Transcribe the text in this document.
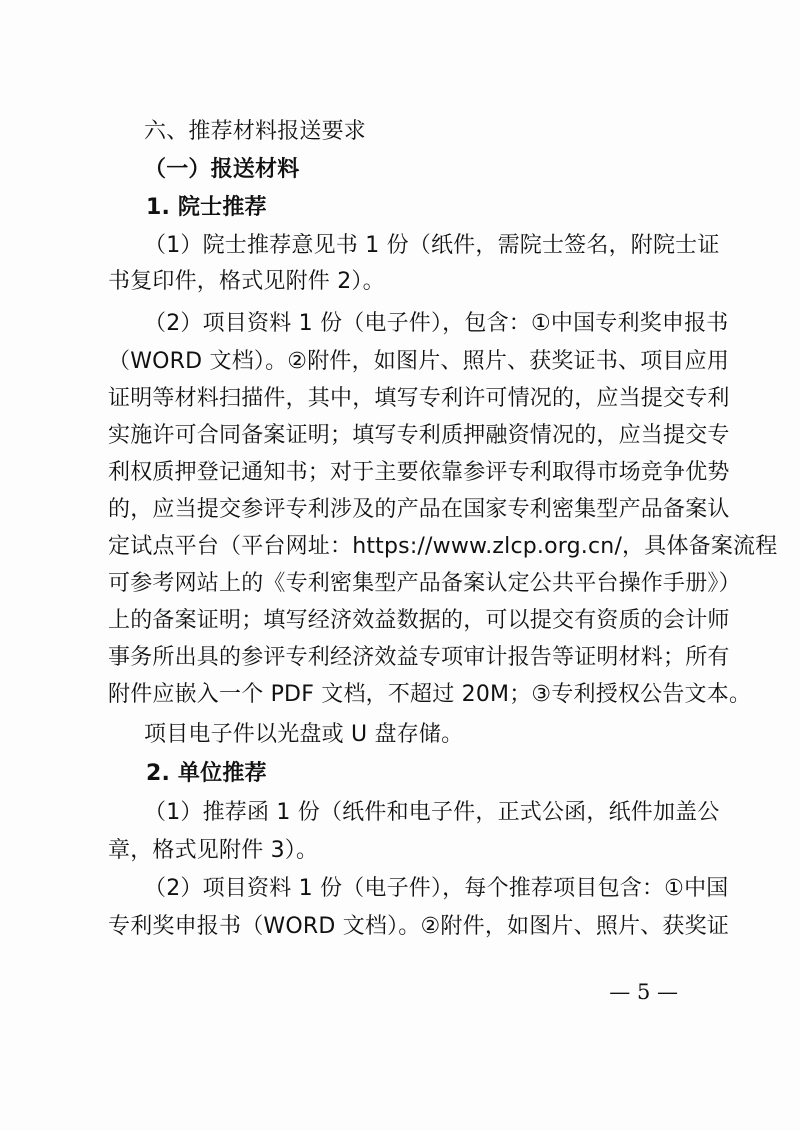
六、推荐材料报送要求
（一）报送材料
1. 院士推荐
（1）院士推荐意见书 1 份（纸件，需院士签名，附院士证
书复印件，格式见附件 2）。
（2）项目资料 1 份（电子件），包含：①中国专利奖申报书
（WORD 文档）。②附件，如图片、照片、获奖证书、项目应用
证明等材料扫描件，其中，填写专利许可情况的，应当提交专利
实施许可合同备案证明；填写专利质押融资情况的，应当提交专
利权质押登记通知书；对于主要依靠参评专利取得市场竞争优势
的，应当提交参评专利涉及的产品在国家专利密集型产品备案认
定试点平台（平台网址：https://www.zlcp.org.cn/，具体备案流程
可参考网站上的《专利密集型产品备案认定公共平台操作手册》）
上的备案证明；填写经济效益数据的，可以提交有资质的会计师
事务所出具的参评专利经济效益专项审计报告等证明材料；所有
附件应嵌入一个 PDF 文档，不超过 20M；③专利授权公告文本。
项目电子件以光盘或 U 盘存储。
2. 单位推荐
（1）推荐函 1 份（纸件和电子件，正式公函，纸件加盖公
章，格式见附件 3）。
（2）项目资料 1 份（电子件），每个推荐项目包含：①中国
专利奖申报书（WORD 文档）。②附件，如图片、照片、获奖证
— 5 —
